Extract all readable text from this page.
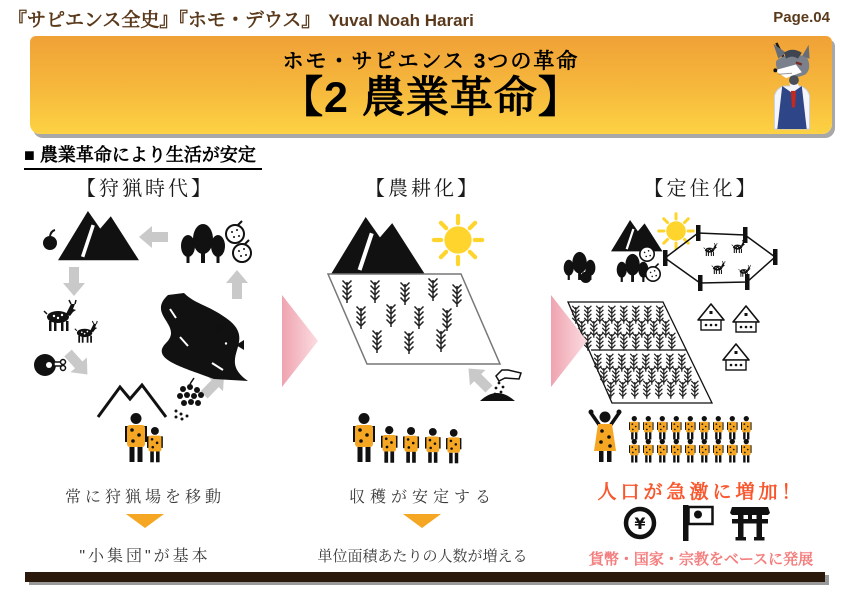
『サピエンス全史』『ホモ・デウス』 Yuval Noah Harari	Page.04
ホモ・サピエンス 3つの革命
【2 農業革命】
■ 農業革命により生活が安定
【狩猟時代】	【農耕化】	【定住化】
常に狩猟場を移動
"小集団"が基本
収穫が安定する
単位面積あたりの人数が増える
人口が急激に増加！
¥
貨幣・国家・宗教をベースに発展
